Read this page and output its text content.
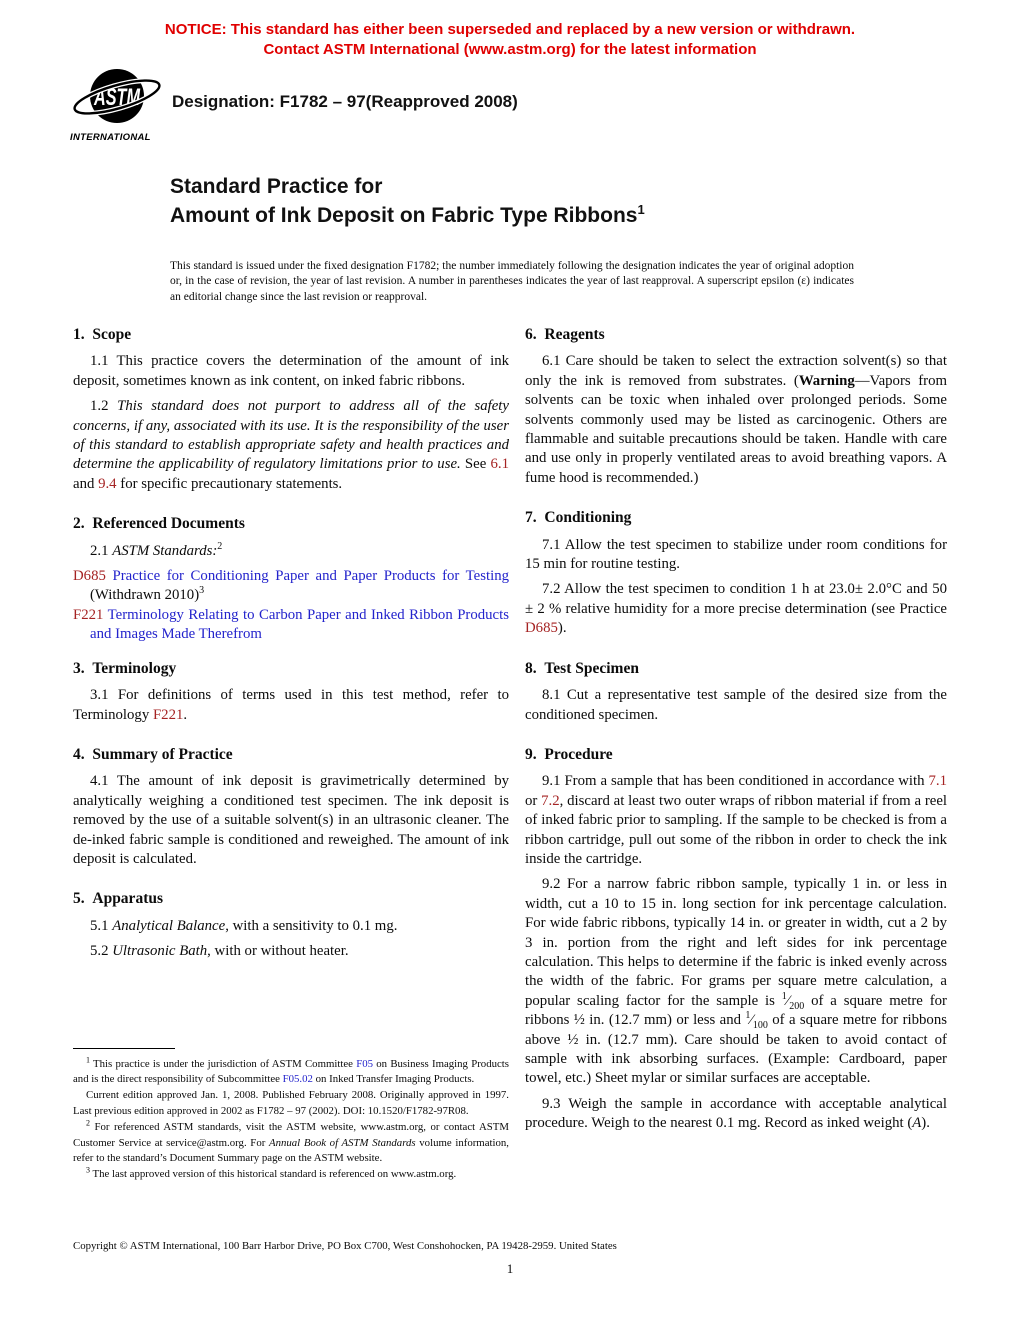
NOTICE: This standard has either been superseded and replaced by a new version or withdrawn.
Contact ASTM International (www.astm.org) for the latest information
ASTM
INTERNATIONAL
Designation: F1782 – 97(Reapproved 2008)
Standard Practice for
Amount of Ink Deposit on Fabric Type Ribbons$^1$

This standard is issued under the fixed designation F1782; the number immediately following the designation indicates the year of original adoption or, in the case of revision, the year of last revision. A number in parentheses indicates the year of last reapproval. A superscript epsilon (ε) indicates an editorial change since the last revision or reapproval.

1. Scope

1.1 This practice covers the determination of the amount of ink deposit, sometimes known as ink content, on inked fabric ribbons.

1.2 This standard does not purport to address all of the safety concerns, if any, associated with its use. It is the responsibility of the user of this standard to establish appropriate safety and health practices and determine the applicability of regulatory limitations prior to use. See 6.1 and 9.4 for specific precautionary statements.

2. Referenced Documents

2.1 ASTM Standards:$^2$

D685 Practice for Conditioning Paper and Paper Products for Testing (Withdrawn 2010)$^3$

F221 Terminology Relating to Carbon Paper and Inked Ribbon Products and Images Made Therefrom

3. Terminology

3.1 For definitions of terms used in this test method, refer to Terminology F221.

4. Summary of Practice

4.1 The amount of ink deposit is gravimetrically determined by analytically weighing a conditioned test specimen. The ink deposit is removed by the use of a suitable solvent(s) in an ultrasonic cleaner. The de-inked fabric sample is conditioned and reweighed. The amount of ink deposit is calculated.

5. Apparatus

5.1 Analytical Balance, with a sensitivity to 0.1 mg.

5.2 Ultrasonic Bath, with or without heater.

$^1$ This practice is under the jurisdiction of ASTM Committee F05 on Business Imaging Products and is the direct responsibility of Subcommittee F05.02 on Inked Transfer Imaging Products.

Current edition approved Jan. 1, 2008. Published February 2008. Originally approved in 1997. Last previous edition approved in 2002 as F1782 – 97 (2002). DOI: 10.1520/F1782-97R08.

$^2$ For referenced ASTM standards, visit the ASTM website, www.astm.org, or contact ASTM Customer Service at service@astm.org. For Annual Book of ASTM Standards volume information, refer to the standard’s Document Summary page on the ASTM website.

$^3$ The last approved version of this historical standard is referenced on www.astm.org.

6. Reagents

6.1 Care should be taken to select the extraction solvent(s) so that only the ink is removed from substrates. (Warning—Vapors from solvents can be toxic when inhaled over prolonged periods. Some solvents commonly used may be listed as carcinogenic. Others are flammable and suitable precautions should be taken. Handle with care and use only in properly ventilated areas to avoid breathing vapors. A fume hood is recommended.)

7. Conditioning

7.1 Allow the test specimen to stabilize under room conditions for 15 min for routine testing.

7.2 Allow the test specimen to condition 1 h at 23.0± 2.0°C and 50 ± 2 % relative humidity for a more precise determination (see Practice D685).

8. Test Specimen

8.1 Cut a representative test sample of the desired size from the conditioned specimen.

9. Procedure

9.1 From a sample that has been conditioned in accordance with 7.1 or 7.2, discard at least two outer wraps of ribbon material if from a reel of inked fabric prior to sampling. If the sample to be checked is from a ribbon cartridge, pull out some of the ribbon in order to check the ink inside the cartridge.

9.2 For a narrow fabric ribbon sample, typically 1 in. or less in width, cut a 10 to 15 in. long section for ink percentage calculation. For wide fabric ribbons, typically 14 in. or greater in width, cut a 2 by 3 in. portion from the right and left sides for ink percentage calculation. This helps to determine if the fabric is inked evenly across the width of the fabric. For grams per square metre calculation, a popular scaling factor for the sample is $^1⁄_{200}$ of a square metre for ribbons ½ in. (12.7 mm) or less and $^1⁄_{100}$ of a square metre for ribbons above ½ in. (12.7 mm). Care should be taken to avoid contact of sample with ink absorbing surfaces. (Example: Cardboard, paper towel, etc.) Sheet mylar or similar surfaces are acceptable.

9.3 Weigh the sample in accordance with acceptable analytical procedure. Weigh to the nearest 0.1 mg. Record as inked weight (A).

Copyright © ASTM International, 100 Barr Harbor Drive, PO Box C700, West Conshohocken, PA 19428-2959. United States
1
